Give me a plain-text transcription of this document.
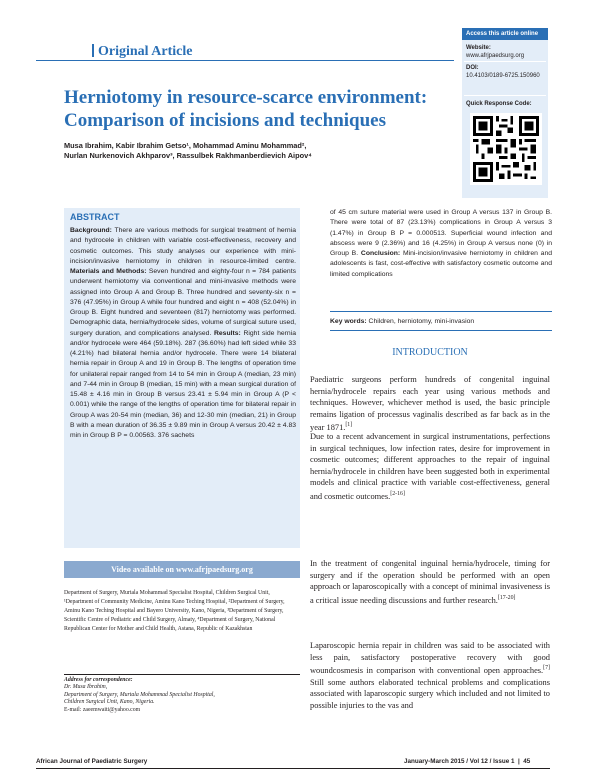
Original Article
Access this article online
Website:
www.afrjpaedsurg.org
DOI:
10.4103/0189-6725.150960
Quick Response Code:
Herniotomy in resource-scarce environment:
Comparison of incisions and techniques
Musa Ibrahim, Kabir Ibrahim Getso¹, Mohammad Aminu Mohammad²,
Nurlan Nurkenovich Akhparov³, Rassulbek Rakhmanberdievich Aipov⁴
ABSTRACT
Background: There are various methods for surgical treatment of hernia and hydrocele in children with variable cost-effectiveness, recovery and cosmetic outcomes. This study analyses our experience with mini-incision/invasive herniotomy in children in resource-limited centre. Materials and Methods: Seven hundred and eighty-four n = 784 patients underwent herniotomy via conventional and mini-invasive methods were assigned into Group A and Group B. Three hundred and seventy-six n = 376 (47.95%) in Group A while four hundred and eight n = 408 (52.04%) in Group B. Eight hundred and seventeen (817) herniotomy was performed. Demographic data, hernia/hydrocele sides, volume of surgical suture used, surgery duration, and complications analysed. Results: Right side hernia and/or hydrocele were 464 (59.18%). 287 (36.60%) had left sided while 33 (4.21%) had bilateral hernia and/or hydrocele. There were 14 bilateral hernia repair in Group A and 19 in Group B. The lengths of operation time for unilateral repair ranged from 14 to 54 min in Group A (median, 23 min) and 7-44 min in Group B (median, 15 min) with a mean surgical duration of 15.48 ± 4.16 min in Group B versus 23.41 ± 5.94 min in Group A (P < 0.001) while the range of the lengths of operation time for bilateral repair in Group A was 20-54 min (median, 36) and 12-30 min (median, 21) in Group B with a mean duration of 36.35 ± 9.89 min in Group A versus 20.42 ± 4.83 min in Group B P = 0.00563. 376 sachets
of 45 cm suture material were used in Group A versus 137 in Group B. There were total of 87 (23.13%) complications in Group A versus 3 (1.47%) in Group B P = 0.000513. Superficial wound infection and abscess were 9 (2.36%) and 16 (4.25%) in Group A versus none (0) in Group B. Conclusion: Mini-incision/invasive herniotomy in children and adolescents is fast, cost-effective with satisfactory cosmetic outcome and limited complications
Key words: Children, herniotomy, mini-invasion
Video available on www.afrjpaedsurg.org
Department of Surgery, Murtala Mohammad Specialist Hospital, Children Surgical Unit, ¹Department of Community Medicine, Aminu Kano Teching Hospital, ²Department of Surgery, Aminu Kano Teching Hospital and Bayero University, Kano, Nigeria, ³Department of Surgery, Scientific Centre of Pediatric and Child Surgery, Almaty, ⁴Department of Surgery, National Republican Center for Mother and Child Health, Astana, Republic of Kazakhstan
Address for correspondence:
Dr. Musa Ibrahim,
Department of Surgery, Murtala Mohammad Specialist Hospital,
Children Surgical Unit, Kano, Nigeria.
E-mail: zaeemwaiti@yahoo.com
INTRODUCTION
Paediatric surgeons perform hundreds of congenital inguinal hernia/hydrocele repairs each year using various methods and techniques. However, whichever method is used, the basic principle remains ligation of processus vaginalis described as far back as in the year 1871.[1]
Due to a recent advancement in surgical instrumentations, perfections in surgical techniques, low infection rates, desire for improvement in cosmetic outcomes; different approaches to the repair of inguinal hernia/hydrocele in children have been suggested both in experimental models and clinical practice with variable cost-effectiveness, general and cosmetic outcomes.[2-16]
In the treatment of congenital inguinal hernia/hydrocele, timing for surgery and if the operation should be performed with an open approach or laparoscopically with a concept of minimal invasiveness is a critical issue needing discussions and further research.[17-20]
Laparoscopic hernia repair in children was said to be associated with less pain, satisfactory postoperative recovery with good woundcosmesis in comparison with conventional open approaches.[7] Still some authors elaborated technical problems and complications associated with laparoscopic surgery which included and not limited to possible injuries to the vas and
African Journal of Paediatric Surgery	January-March 2015 / Vol 12 / Issue 1  |  45
